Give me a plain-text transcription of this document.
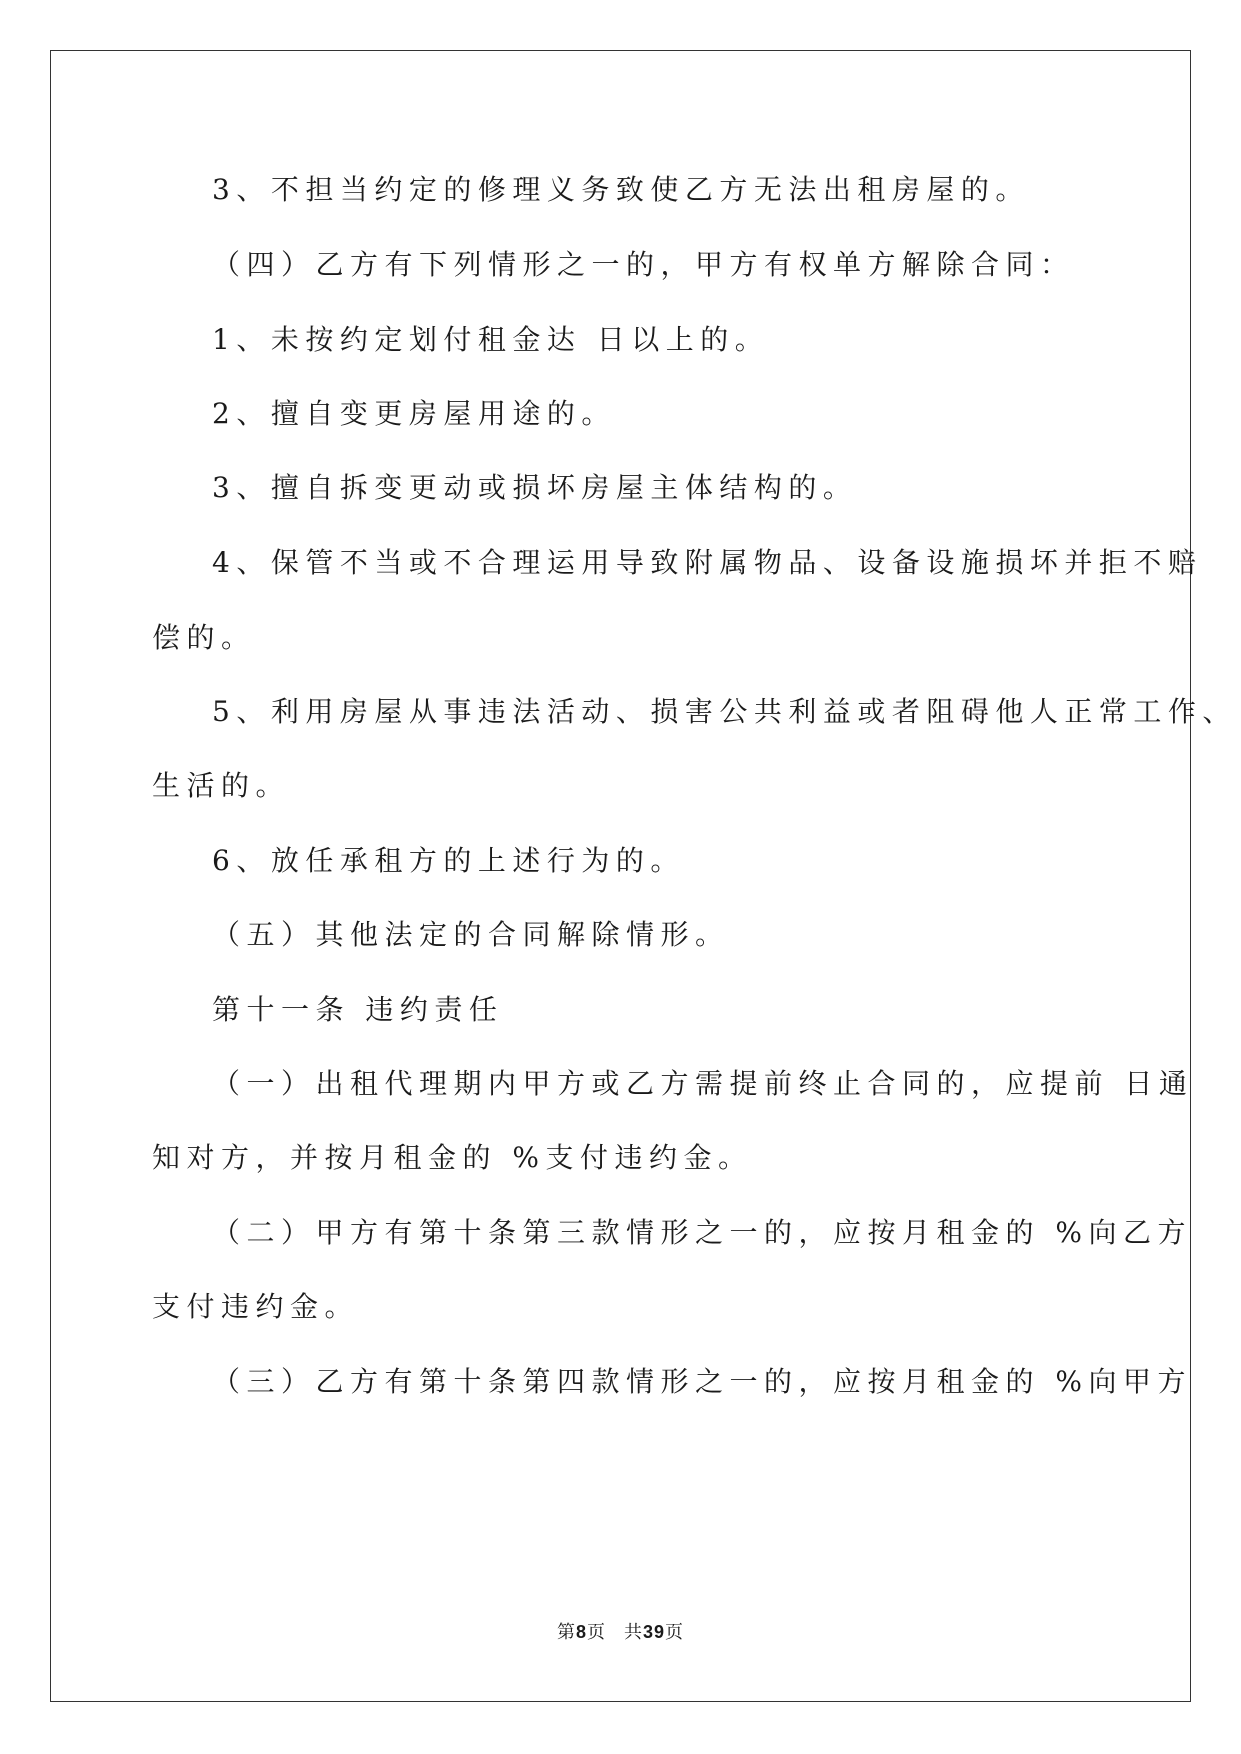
3、不担当约定的修理义务致使乙方无法出租房屋的。
（四）乙方有下列情形之一的，甲方有权单方解除合同：
1、未按约定划付租金达 日以上的。
2、擅自变更房屋用途的。
3、擅自拆变更动或损坏房屋主体结构的。
4、保管不当或不合理运用导致附属物品、设备设施损坏并拒不赔
偿的。
5、利用房屋从事违法活动、损害公共利益或者阻碍他人正常工作、
生活的。
6、放任承租方的上述行为的。
（五）其他法定的合同解除情形。
第十一条 违约责任
（一）出租代理期内甲方或乙方需提前终止合同的，应提前 日通
知对方，并按月租金的 %支付违约金。
（二）甲方有第十条第三款情形之一的，应按月租金的 %向乙方
支付违约金。
（三）乙方有第十条第四款情形之一的，应按月租金的 %向甲方
第8页 共39页
